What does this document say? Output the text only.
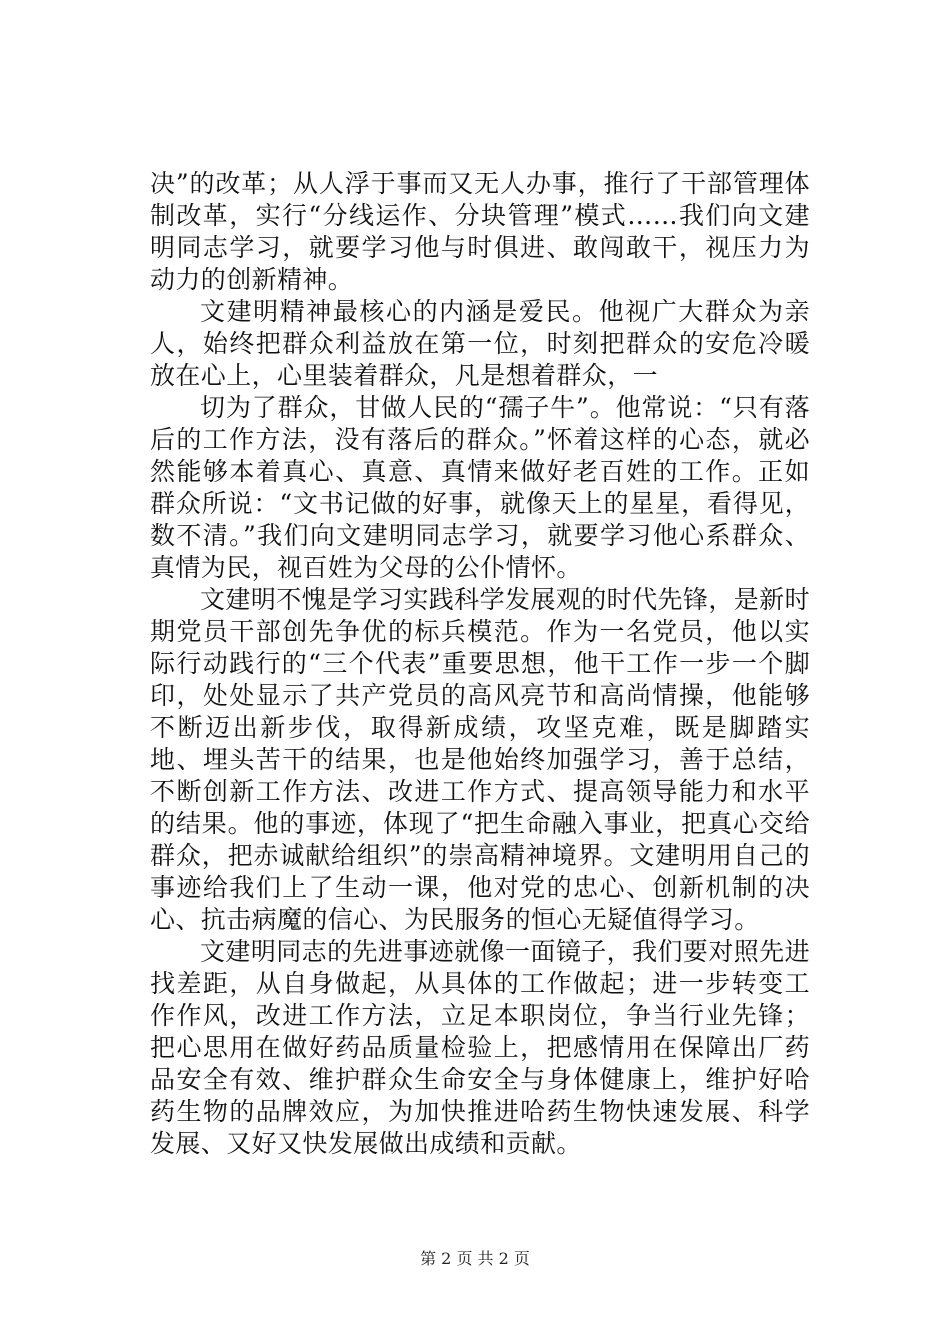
决”的改革；从人浮于事而又无人办事，推行了干部管理体制改革，实行“分线运作、分块管理”模式……我们向文建明同志学习，就要学习他与时俱进、敢闯敢干，视压力为动力的创新精神。

文建明精神最核心的内涵是爱民。他视广大群众为亲人，始终把群众利益放在第一位，时刻把群众的安危冷暖放在心上，心里装着群众，凡是想着群众，一

切为了群众，甘做人民的“孺子牛”。他常说：“只有落后的工作方法，没有落后的群众。”怀着这样的心态，就必然能够本着真心、真意、真情来做好老百姓的工作。正如群众所说：“文书记做的好事，就像天上的星星，看得见，数不清。”我们向文建明同志学习，就要学习他心系群众、真情为民，视百姓为父母的公仆情怀。

文建明不愧是学习实践科学发展观的时代先锋，是新时期党员干部创先争优的标兵模范。作为一名党员，他以实际行动践行的“三个代表”重要思想，他干工作一步一个脚印，处处显示了共产党员的高风亮节和高尚情操，他能够不断迈出新步伐，取得新成绩，攻坚克难，既是脚踏实地、埋头苦干的结果，也是他始终加强学习，善于总结，不断创新工作方法、改进工作方式、提高领导能力和水平的结果。他的事迹，体现了“把生命融入事业，把真心交给群众，把赤诚献给组织”的崇高精神境界。文建明用自己的事迹给我们上了生动一课，他对党的忠心、创新机制的决心、抗击病魔的信心、为民服务的恒心无疑值得学习。

文建明同志的先进事迹就像一面镜子，我们要对照先进找差距，从自身做起，从具体的工作做起；进一步转变工作作风，改进工作方法，立足本职岗位，争当行业先锋；把心思用在做好药品质量检验上，把感情用在保障出厂药品安全有效、维护群众生命安全与身体健康上，维护好哈药生物的品牌效应，为加快推进哈药生物快速发展、科学发展、又好又快发展做出成绩和贡献。

第 2 页 共 2 页
